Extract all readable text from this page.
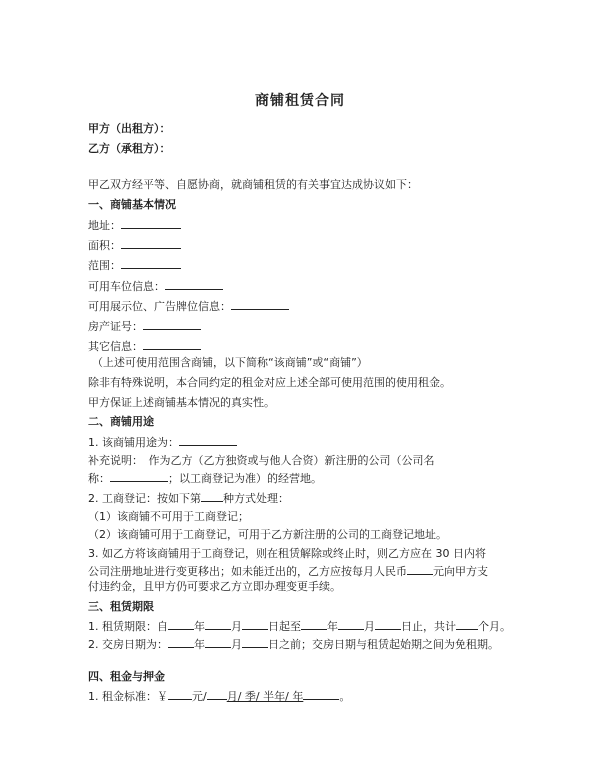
商铺租赁合同
甲方（出租方）：
乙方（承租方）：
甲乙双方经平等、自愿协商，就商铺租赁的有关事宜达成协议如下：
一、商铺基本情况
地址：
面积：
范围：
可用车位信息：
可用展示位、广告牌位信息：
房产证号：
其它信息：
（上述可使用范围含商铺，以下简称“该商铺”或“商铺”）
除非有特殊说明，本合同约定的租金对应上述全部可使用范围的使用租金。
甲方保证上述商铺基本情况的真实性。
二、商铺用途
1. 该商铺用途为：
补充说明：　作为乙方（乙方独资或与他人合资）新注册的公司（公司名
称：	；以工商登记为准）的经营地。
2. 工商登记：按如下第 种方式处理：
（1）该商铺不可用于工商登记；
（2）该商铺可用于工商登记，可用于乙方新注册的公司的工商登记地址。
3. 如乙方将该商铺用于工商登记，则在租赁解除或终止时，则乙方应在 30 日内将
公司注册地址进行变更移出；如未能迁出的，乙方应按每月人民币 元向甲方支
付违约金，且甲方仍可要求乙方立即办理变更手续。
三、租赁期限
1. 租赁期限：自 年 月 日起至 年 月 日止，共计 个月。
2. 交房日期为： 年 月 日之前；交房日期与租赁起始期之间为免租期。
四、租金与押金
1. 租金标准：￥ 元/ 月/ 季/ 半年/ 年	。
